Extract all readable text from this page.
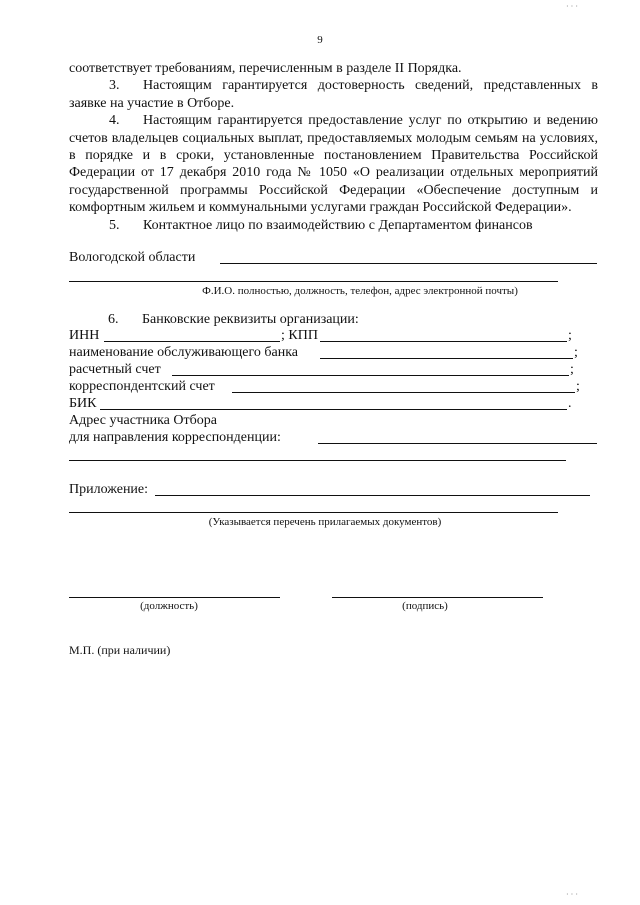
· · ·
9

соответствует требованиям, перечисленным в разделе II Порядка.

3. Настоящим гарантируется достоверность сведений, представленных в заявке на участие в Отборе.

4. Настоящим гарантируется предоставление услуг по открытию и ведению счетов владельцев социальных выплат, предоставляемых молодым семьям на условиях, в порядке и в сроки, установленные постановлением Правительства Российской Федерации от 17 декабря 2010 года № 1050 «О реализации отдельных мероприятий государственной программы Российской Федерации «Обеспечение доступным и комфортным жильем и коммунальными услугами граждан Российской Федерации».

5. Контактное лицо по взаимодействию с Департаментом финансов

Вологодской области
Ф.И.О. полностью, должность, телефон, адрес электронной почты)
6. Банковские реквизиты организации:
ИНН	; КПП	;
наименование обслуживающего банка	;
расчетный счет	;
корреспондентский счет	;
БИК	.
Адрес участника Отбора
для направления корреспонденции:
Приложение:
(Указывается перечень прилагаемых документов)
(должность)	(подпись)
М.П. (при наличии)
· · ·
